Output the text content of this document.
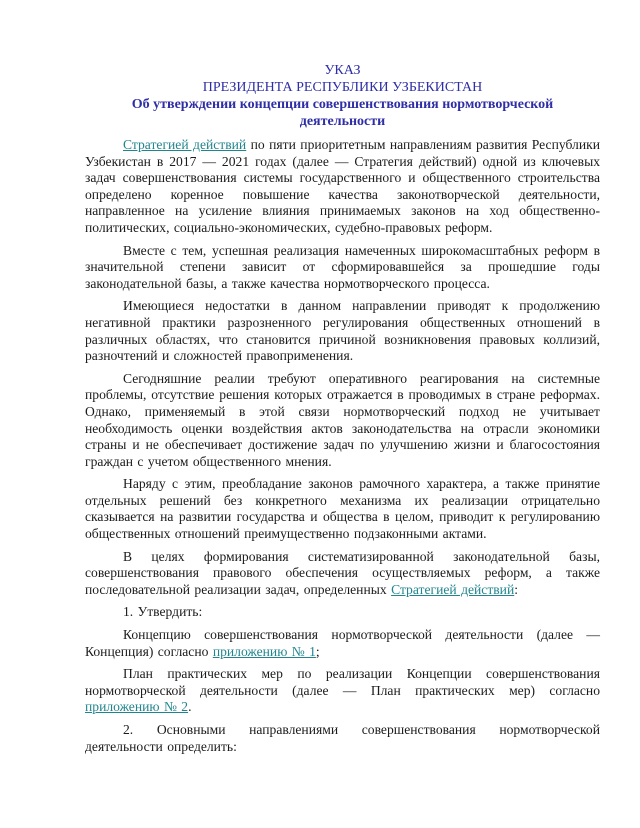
УКАЗ
ПРЕЗИДЕНТА РЕСПУБЛИКИ УЗБЕКИСТАН
Об утверждении концепции совершенствования нормотворческой деятельности

Стратегией действий по пяти приоритетным направлениям развития Республики Узбекистан в 2017 — 2021 годах (далее — Стратегия действий) одной из ключевых задач совершенствования системы государственного и общественного строительства определено коренное повышение качества законотворческой деятельности, направленное на усиление влияния принимаемых законов на ход общественно-политических, социально-экономических, судебно-правовых реформ.

Вместе с тем, успешная реализация намеченных широкомасштабных реформ в значительной степени зависит от сформировавшейся за прошедшие годы законодательной базы, а также качества нормотворческого процесса.

Имеющиеся недостатки в данном направлении приводят к продолжению негативной практики разрозненного регулирования общественных отношений в различных областях, что становится причиной возникновения правовых коллизий, разночтений и сложностей правоприменения.

Сегодняшние реалии требуют оперативного реагирования на системные проблемы, отсутствие решения которых отражается в проводимых в стране реформах. Однако, применяемый в этой связи нормотворческий подход не учитывает необходимость оценки воздействия актов законодательства на отрасли экономики страны и не обеспечивает достижение задач по улучшению жизни и благосостояния граждан с учетом общественного мнения.

Наряду с этим, преобладание законов рамочного характера, а также принятие отдельных решений без конкретного механизма их реализации отрицательно сказывается на развитии государства и общества в целом, приводит к регулированию общественных отношений преимущественно подзаконными актами.

В целях формирования систематизированной законодательной базы, совершенствования правового обеспечения осуществляемых реформ, а также последовательной реализации задач, определенных Стратегией действий:

1. Утвердить:

Концепцию совершенствования нормотворческой деятельности (далее — Концепция) согласно приложению № 1;

План практических мер по реализации Концепции совершенствования нормотворческой деятельности (далее — План практических мер) согласно приложению № 2.

2. Основными направлениями совершенствования нормотворческой деятельности определить:
